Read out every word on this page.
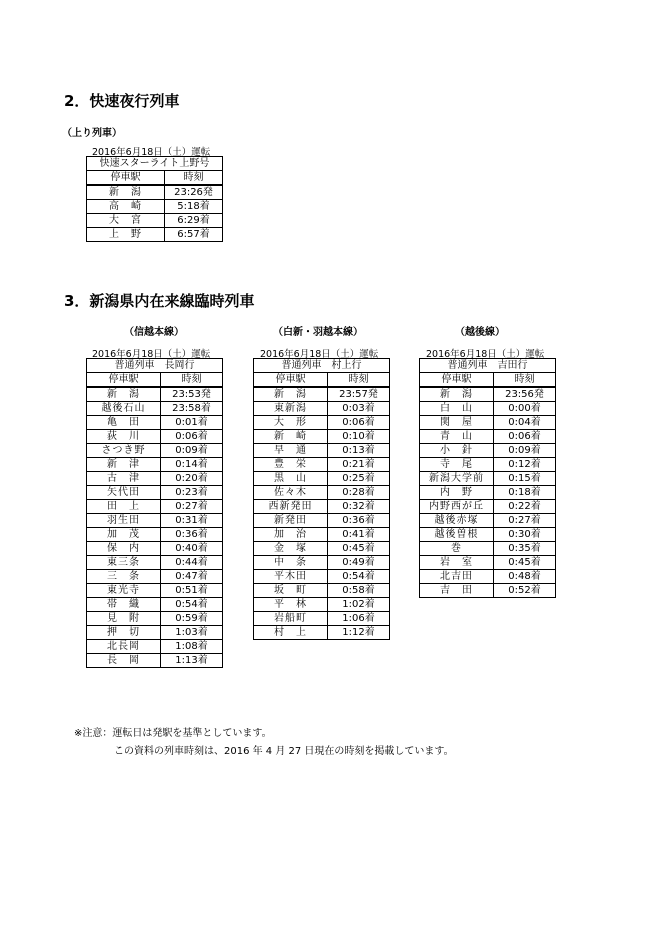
2．快速夜行列車
（上り列車）
2016年6月18日（土）運転
快速スターライト上野号	
停車駅	時刻
新　潟	23:26発
高　崎	5:18着
大　宮	6:29着
上　野	6:57着
3．新潟県内在来線臨時列車
（信越本線）	（白新・羽越本線）	（越後線）
2016年6月18日（土）運転	2016年6月18日（土）運転	2016年6月18日（土）運転
普通列車　長岡行	
停車駅	時刻
新　潟	23:53発
越後石山	23:58着
亀　田	0:01着
荻　川	0:06着
さつき野	0:09着
新　津	0:14着
古　津	0:20着
矢代田	0:23着
田　上	0:27着
羽生田	0:31着
加　茂	0:36着
保　内	0:40着
東三条	0:44着
三　条	0:47着
東光寺	0:51着
帯　織	0:54着
見　附	0:59着
押　切	1:03着
北長岡	1:08着
長　岡	1:13着
普通列車　村上行	
停車駅	時刻
新　潟	23:57発
東新潟	0:03着
大　形	0:06着
新　崎	0:10着
早　通	0:13着
豊　栄	0:21着
黒　山	0:25着
佐々木	0:28着
西新発田	0:32着
新発田	0:36着
加　治	0:41着
金　塚	0:45着
中　条	0:49着
平木田	0:54着
坂　町	0:58着
平　林	1:02着
岩船町	1:06着
村　上	1:12着
普通列車　吉田行	
停車駅	時刻
新　潟	23:56発
白　山	0:00着
関　屋	0:04着
青　山	0:06着
小　針	0:09着
寺　尾	0:12着
新潟大学前	0:15着
内　野	0:18着
内野西が丘	0:22着
越後赤塚	0:27着
越後曽根	0:30着
巻	0:35着
岩　室	0:45着
北吉田	0:48着
吉　田	0:52着
※注意：運転日は発駅を基準としています。
この資料の列車時刻は、2016 年 4 月 27 日現在の時刻を掲載しています。
